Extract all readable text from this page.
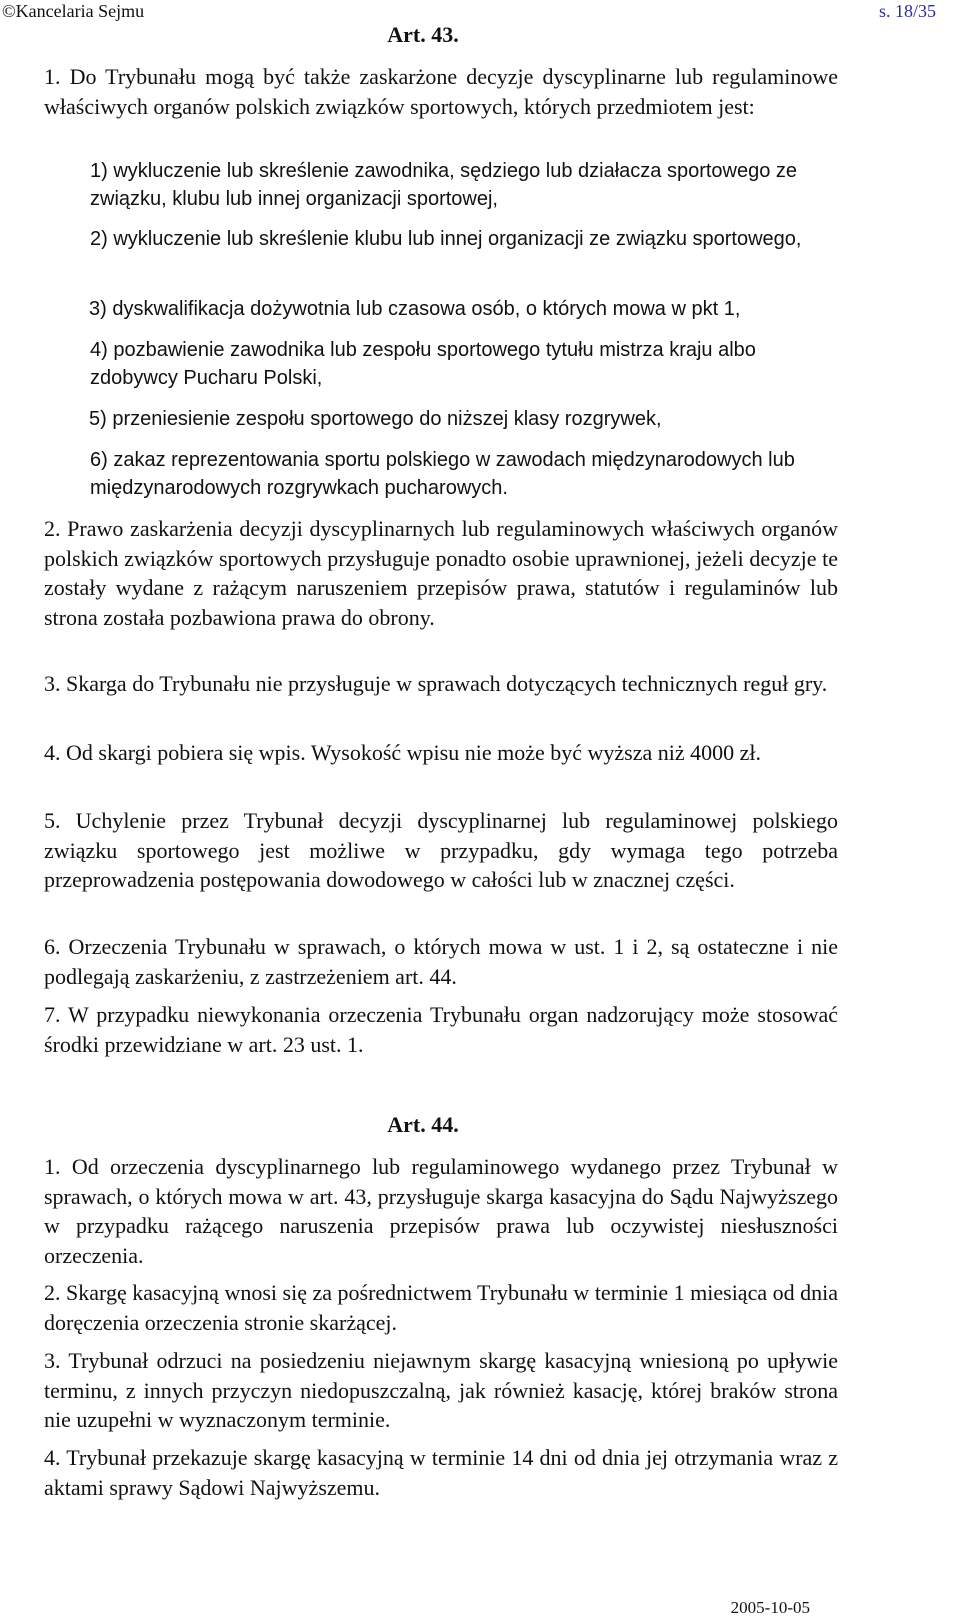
©Kancelaria Sejmu	s. 18/35
Art. 43.
1. Do Trybunału mogą być także zaskarżone decyzje dyscyplinarne lub regulaminowe właściwych organów polskich związków sportowych, których przedmiotem jest:
1) wykluczenie lub skreślenie zawodnika, sędziego lub działacza sportowego ze związku, klubu lub innej organizacji sportowej,
2) wykluczenie lub skreślenie klubu lub innej organizacji ze związku sportowego,
3) dyskwalifikacja dożywotnia lub czasowa osób, o których mowa w pkt 1,
4) pozbawienie zawodnika lub zespołu sportowego tytułu mistrza kraju albo zdobywcy Pucharu Polski,
5) przeniesienie zespołu sportowego do niższej klasy rozgrywek,
6) zakaz reprezentowania sportu polskiego w zawodach międzynarodowych lub międzynarodowych rozgrywkach pucharowych.
2. Prawo zaskarżenia decyzji dyscyplinarnych lub regulaminowych właściwych organów polskich związków sportowych przysługuje ponadto osobie uprawnionej, jeżeli decyzje te zostały wydane z rażącym naruszeniem przepisów prawa, statutów i regulaminów lub strona została pozbawiona prawa do obrony.
3. Skarga do Trybunału nie przysługuje w sprawach dotyczących technicznych reguł gry.
4. Od skargi pobiera się wpis. Wysokość wpisu nie może być wyższa niż 4000 zł.
5. Uchylenie przez Trybunał decyzji dyscyplinarnej lub regulaminowej polskiego związku sportowego jest możliwe w przypadku, gdy wymaga tego potrzeba przeprowadzenia postępowania dowodowego w całości lub w znacznej części.
6. Orzeczenia Trybunału w sprawach, o których mowa w ust. 1 i 2, są ostateczne i nie podlegają zaskarżeniu, z zastrzeżeniem art. 44.
7. W przypadku niewykonania orzeczenia Trybunału organ nadzorujący może stosować środki przewidziane w art. 23 ust. 1.
Art. 44.
1. Od orzeczenia dyscyplinarnego lub regulaminowego wydanego przez Trybunał w sprawach, o których mowa w art. 43, przysługuje skarga kasacyjna do Sądu Najwyższego w przypadku rażącego naruszenia przepisów prawa lub oczywistej niesłuszności orzeczenia.
2. Skargę kasacyjną wnosi się za pośrednictwem Trybunału w terminie 1 miesiąca od dnia doręczenia orzeczenia stronie skarżącej.
3. Trybunał odrzuci na posiedzeniu niejawnym skargę kasacyjną wniesioną po upływie terminu, z innych przyczyn niedopuszczalną, jak również kasację, której braków strona nie uzupełni w wyznaczonym terminie.
4. Trybunał przekazuje skargę kasacyjną w terminie 14 dni od dnia jej otrzymania wraz z aktami sprawy Sądowi Najwyższemu.
2005-10-05
